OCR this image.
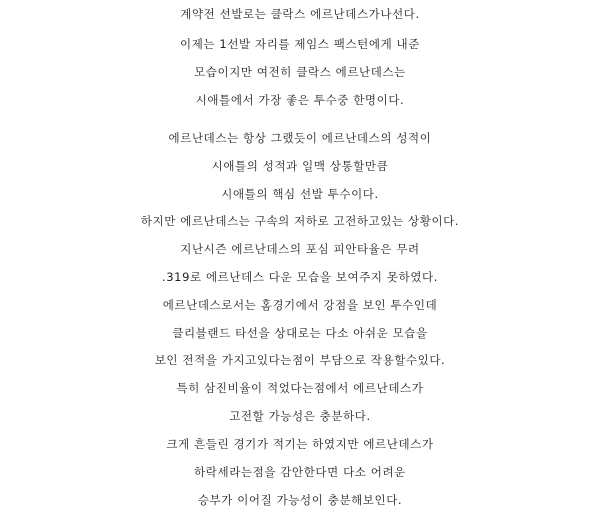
계약전 선발로는 클락스 에르난데스가나선다.
이제는 1선발 자리를 제임스 팩스턴에게 내준
모습이지만 여전히 클락스 에르난데스는
시애틀에서 가장 좋은 투수중 한명이다.
에르난데스는 항상 그랬듯이 에르난데스의 성적이
시애틀의 성적과 일맥 상통할만큼
시애틀의 핵심 선발 투수이다.
하지만 에르난데스는 구속의 저하로 고전하고있는 상황이다.
지난시즌 에르난데스의 포심 피안타율은 무려
.319로 에르난데스 다운 모습을 보여주지 못하였다.
에르난데스로서는 홈경기에서 강점을 보인 투수인데
클리블랜드 타선을 상대로는 다소 아쉬운 모습을
보인 전적을 가지고있다는점이 부담으로 작용할수있다.
특히 삼진비율이 적었다는점에서 에르난데스가
고전할 가능성은 충분하다.
크게 흔들린 경기가 적기는 하였지만 에르난데스가
하락세라는점을 감안한다면 다소 어려운
승부가 이어질 가능성이 충분해보인다.
